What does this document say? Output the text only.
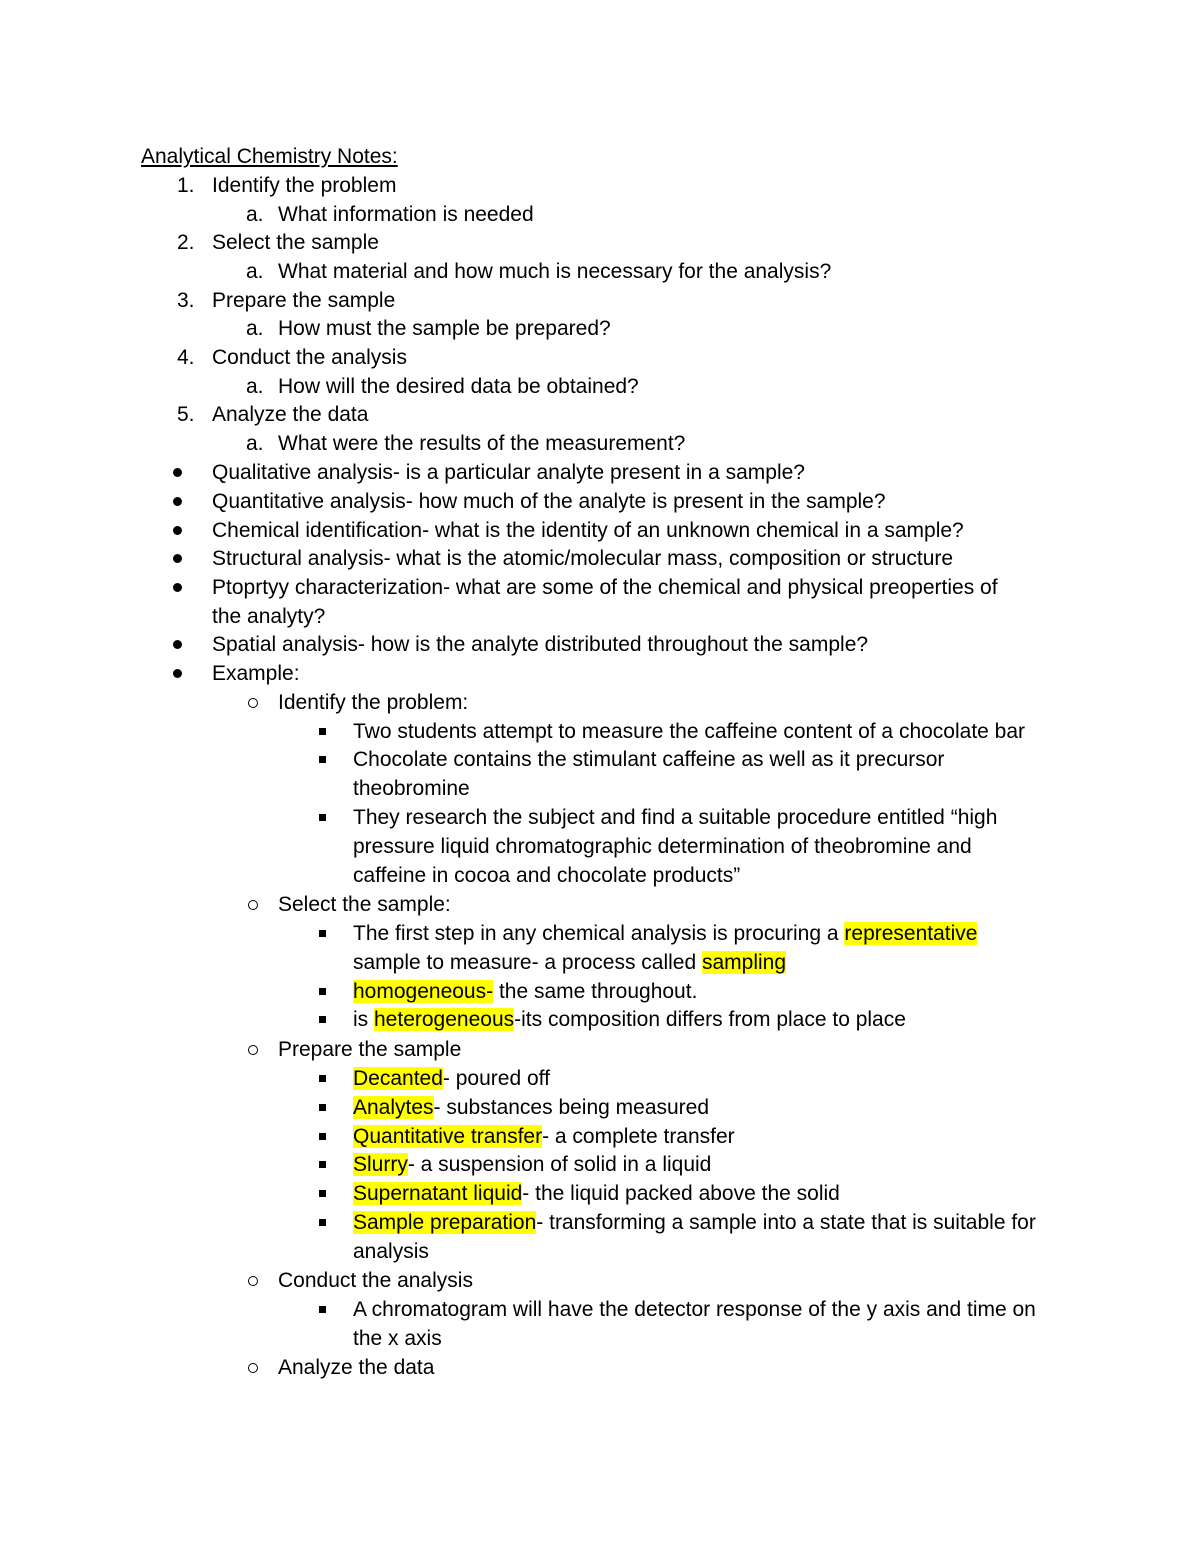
Analytical Chemistry Notes:
1. Identify the problem
a. What information is needed
2. Select the sample
a. What material and how much is necessary for the analysis?
3. Prepare the sample
a. How must the sample be prepared?
4. Conduct the analysis
a. How will the desired data be obtained?
5. Analyze the data
a. What were the results of the measurement?
Qualitative analysis- is a particular analyte present in a sample?
Quantitative analysis- how much of the analyte is present in the sample?
Chemical identification- what is the identity of an unknown chemical in a sample?
Structural analysis- what is the atomic/molecular mass, composition or structure
Ptoprtyy characterization- what are some of the chemical and physical preoperties of
the analyty?
Spatial analysis- how is the analyte distributed throughout the sample?
Example:
Identify the problem:
Two students attempt to measure the caffeine content of a chocolate bar
Chocolate contains the stimulant caffeine as well as it precursor
theobromine
They research the subject and find a suitable procedure entitled “high
pressure liquid chromatographic determination of theobromine and
caffeine in cocoa and chocolate products”
Select the sample:
The first step in any chemical analysis is procuring a representative
sample to measure- a process called sampling
homogeneous- the same throughout.
is heterogeneous-its composition differs from place to place
Prepare the sample
Decanted- poured off
Analytes- substances being measured
Quantitative transfer- a complete transfer
Slurry- a suspension of solid in a liquid
Supernatant liquid- the liquid packed above the solid
Sample preparation- transforming a sample into a state that is suitable for
analysis
Conduct the analysis
A chromatogram will have the detector response of the y axis and time on
the x axis
Analyze the data
